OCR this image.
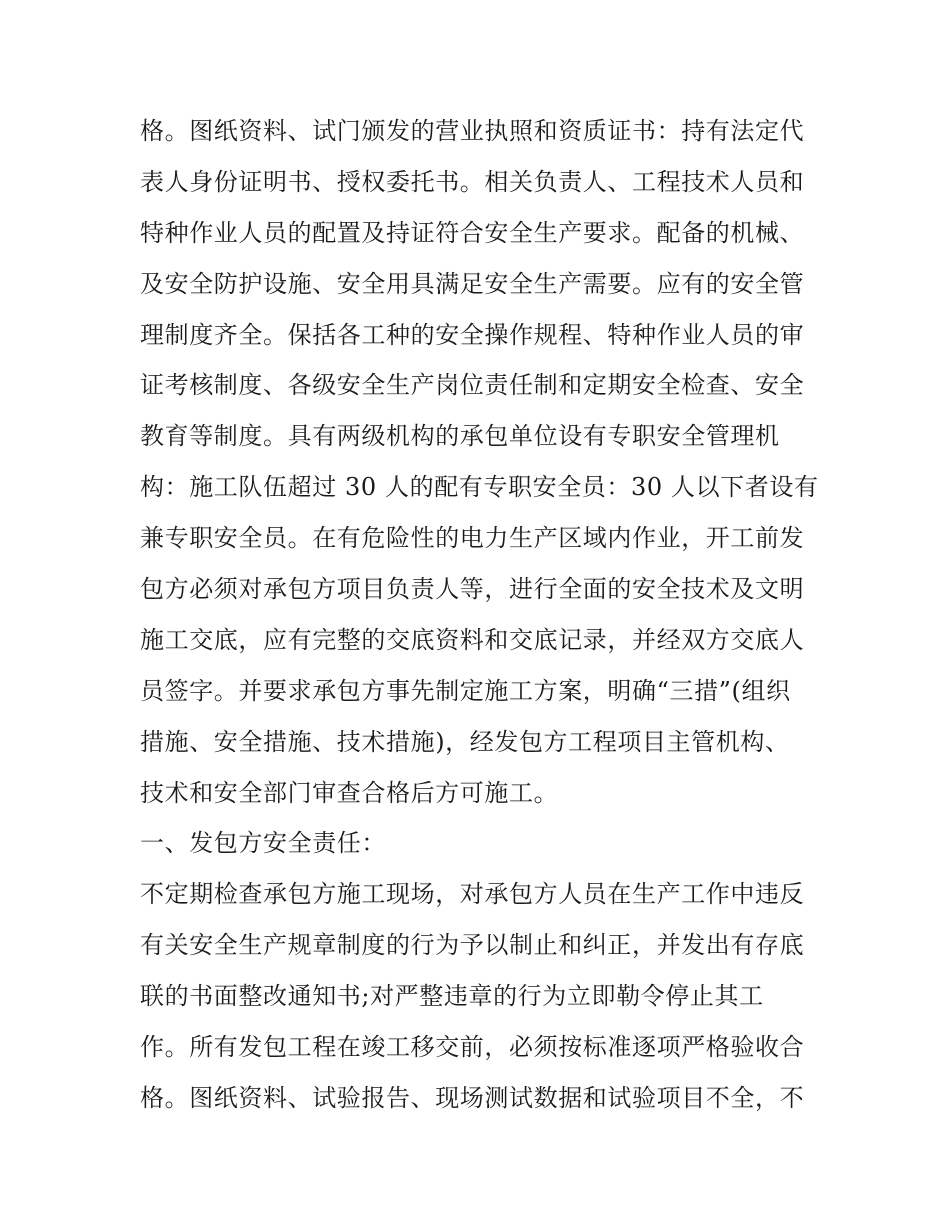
格。图纸资料、试门颁发的营业执照和资质证书：持有法定代
表人身份证明书、授权委托书。相关负责人、工程技术人员和
特种作业人员的配置及持证符合安全生产要求。配备的机械、
及安全防护设施、安全用具满足安全生产需要。应有的安全管
理制度齐全。保括各工种的安全操作规程、特种作业人员的审
证考核制度、各级安全生产岗位责任制和定期安全检查、安全
教育等制度。具有两级机构的承包单位设有专职安全管理机
构：施工队伍超过 30 人的配有专职安全员：30 人以下者设有
兼专职安全员。在有危险性的电力生产区域内作业，开工前发
包方必须对承包方项目负责人等，进行全面的安全技术及文明
施工交底，应有完整的交底资料和交底记录，并经双方交底人
员签字。并要求承包方事先制定施工方案，明确“三措”(组织
措施、安全措施、技术措施)，经发包方工程项目主管机构、
技术和安全部门审查合格后方可施工。
一、发包方安全责任：
不定期检查承包方施工现场，对承包方人员在生产工作中违反
有关安全生产规章制度的行为予以制止和纠正，并发出有存底
联的书面整改通知书;对严整违章的行为立即勒令停止其工
作。所有发包工程在竣工移交前，必须按标准逐项严格验收合
格。图纸资料、试验报告、现场测试数据和试验项目不全，不
